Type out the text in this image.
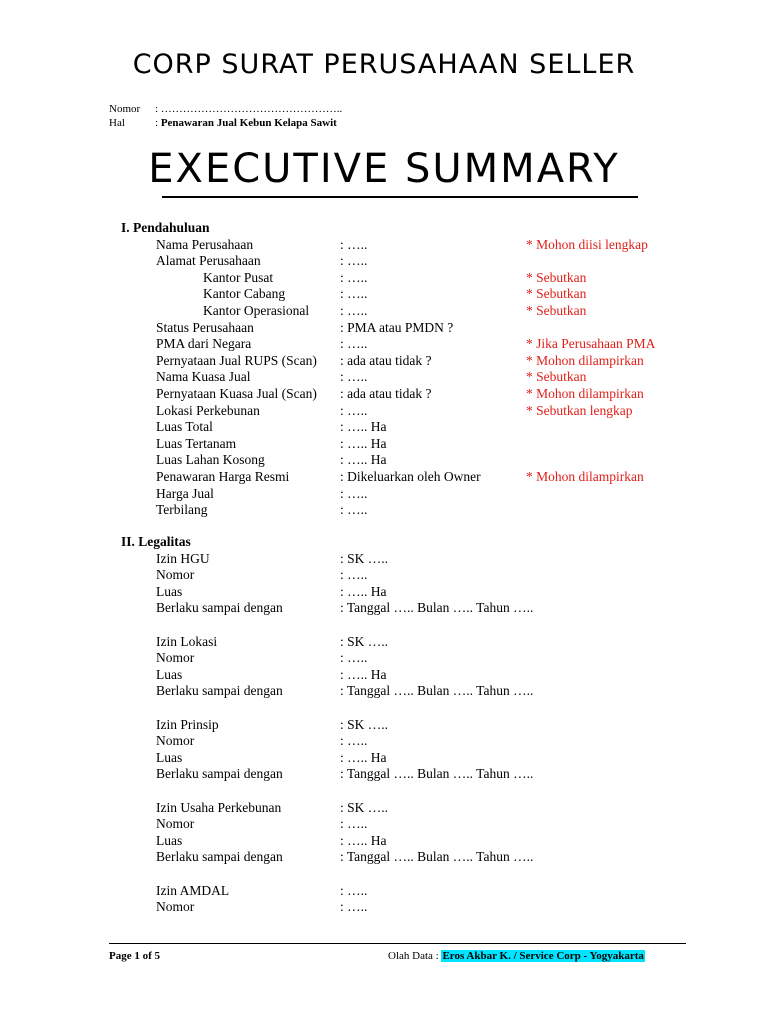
CORP SURAT PERUSAHAAN SELLER
Nomor : …………………………………………..
Hal	: Penawaran Jual Kebun Kelapa Sawit
EXECUTIVE SUMMARY
I. Pendahuluan
Nama Perusahaan	: …..	* Mohon diisi lengkap
Alamat Perusahaan	: …..
Kantor Pusat	: …..	* Sebutkan
Kantor Cabang	: …..	* Sebutkan
Kantor Operasional : …..	* Sebutkan
Status Perusahaan	: PMA atau PMDN ?
PMA dari Negara	: …..	* Jika Perusahaan PMA
Pernyataan Jual RUPS (Scan) : ada atau tidak ?	* Mohon dilampirkan
Nama Kuasa Jual	: …..	* Sebutkan
Pernyataan Kuasa Jual (Scan) : ada atau tidak ?	* Mohon dilampirkan
Lokasi Perkebunan	: …..	* Sebutkan lengkap
Luas Total	: ….. Ha
Luas Tertanam	: ….. Ha
Luas Lahan Kosong	: ….. Ha
Penawaran Harga Resmi	: Dikeluarkan oleh Owner	* Mohon dilampirkan
Harga Jual	: …..
Terbilang	: …..
II. Legalitas
Izin HGU	: SK …..
Nomor	: …..
Luas	: ….. Ha
Berlaku sampai dengan	: Tanggal ….. Bulan ….. Tahun …..
Izin Lokasi	: SK …..
Nomor	: …..
Luas	: ….. Ha
Berlaku sampai dengan	: Tanggal ….. Bulan ….. Tahun …..
Izin Prinsip	: SK …..
Nomor	: …..
Luas	: ….. Ha
Berlaku sampai dengan	: Tanggal ….. Bulan ….. Tahun …..
Izin Usaha Perkebunan	: SK …..
Nomor	: …..
Luas	: ….. Ha
Berlaku sampai dengan	: Tanggal ….. Bulan ….. Tahun …..
Izin AMDAL	: …..
Nomor	: …..
Page 1 of 5	Olah Data : Eros Akbar K. / Service Corp - Yogyakarta
